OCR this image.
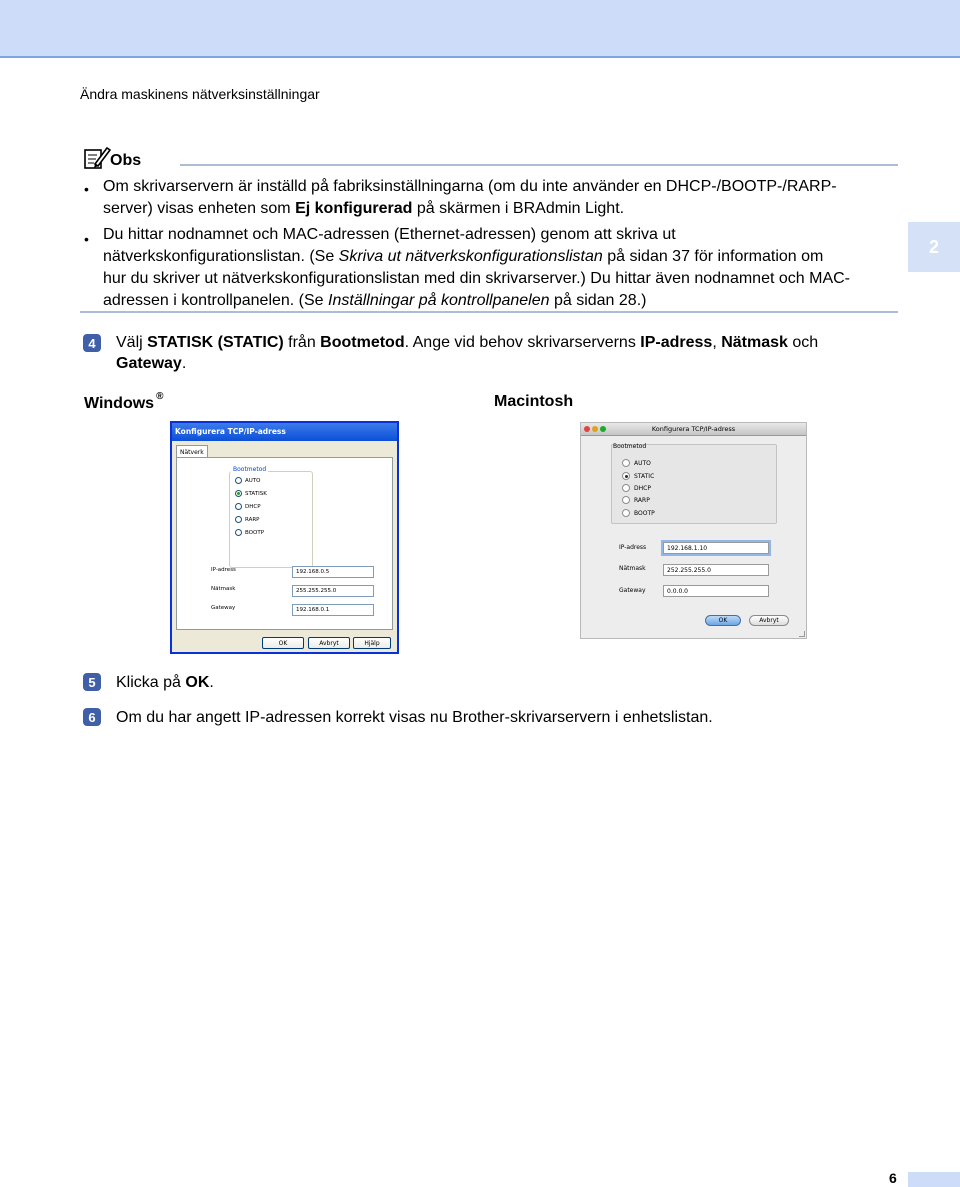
Ändra maskinens nätverksinställningar
Obs
• Om skrivarservern är inställd på fabriksinställningarna (om du inte använder en DHCP-/BOOTP-/RARP-
server) visas enheten som Ej konfigurerad på skärmen i BRAdmin Light.
• Du hittar nodnamnet och MAC-adressen (Ethernet-adressen) genom att skriva ut
nätverkskonfigurationslistan. (Se Skriva ut nätverkskonfigurationslistan på sidan 37 för information om
hur du skriver ut nätverkskonfigurationslistan med din skrivarserver.) Du hittar även nodnamnet och MAC-
adressen i kontrollpanelen. (Se Inställningar på kontrollpanelen på sidan 28.)
2
4	Välj STATISK (STATIC) från Bootmetod. Ange vid behov skrivarserverns IP-adress, Nätmask och
Gateway.
Windows ®	Macintosh
Konfigurera TCP/IP-adress
Nätverk
Bootmetod
AUTO
STATISK
DHCP
RARP
BOOTP
IP-adress	192.168.0.5
Nätmask	255.255.255.0
Gateway	192.168.0.1
OK	Avbryt	Hjälp
Konfigurera TCP/IP-adress
Bootmetod
AUTO
STATIC
DHCP
RARP
BOOTP
IP-adress	192.168.1.10
Nätmask	252.255.255.0
Gateway	0.0.0.0
OK	Avbryt
5	Klicka på OK.
6	Om du har angett IP-adressen korrekt visas nu Brother-skrivarservern i enhetslistan.
6
